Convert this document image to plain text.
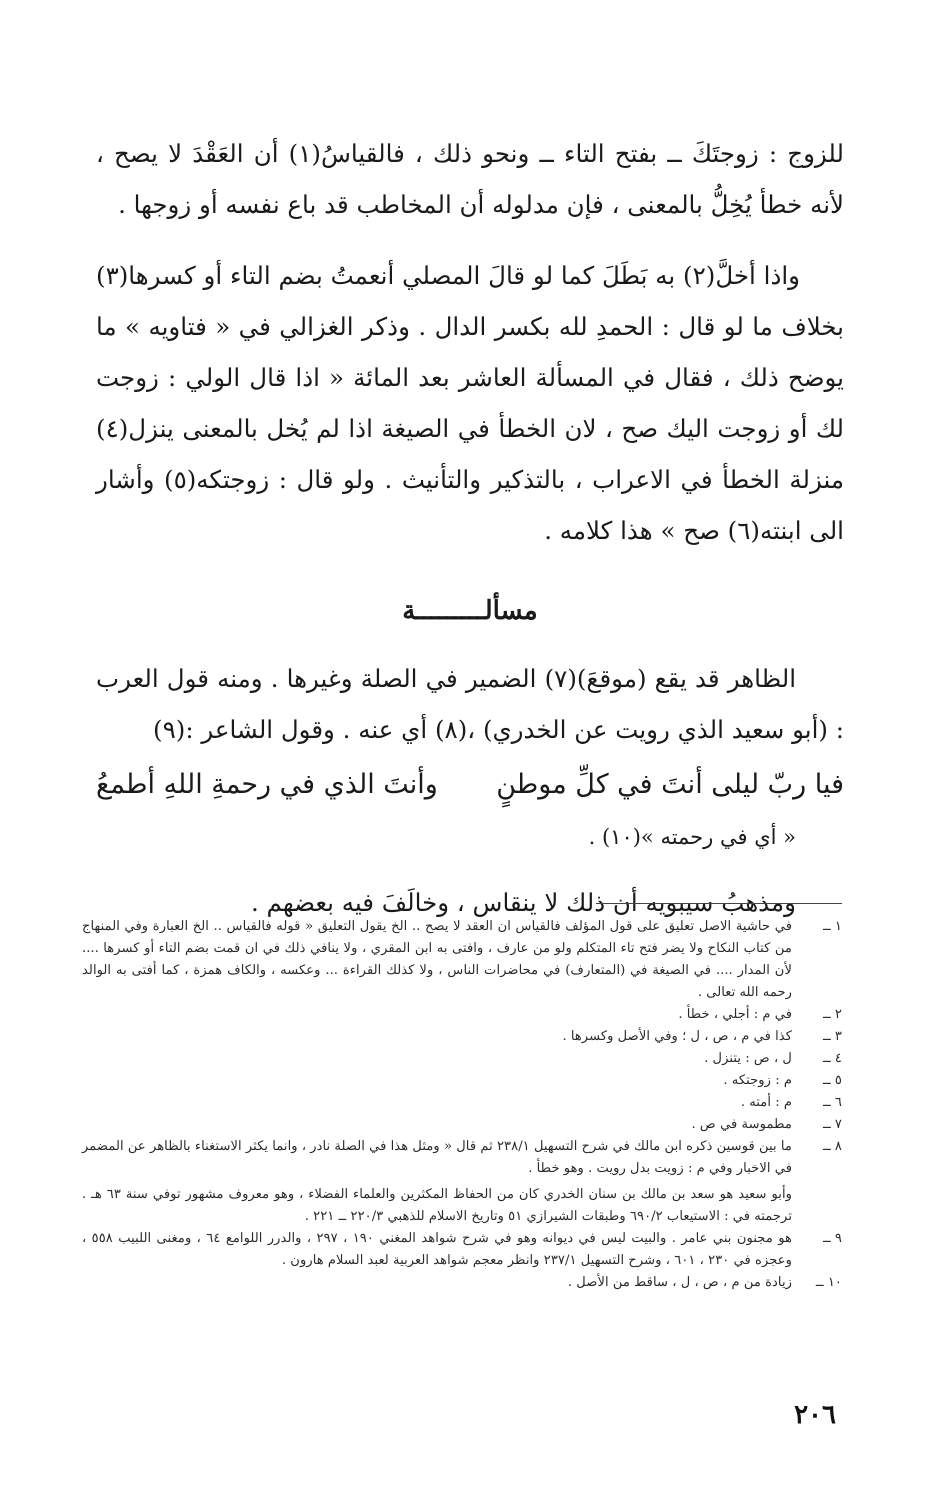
للزوج : زوجتَكَ ــ بفتح التاء ــ ونحو ذلك ، فالقياسُ(١) أن العَقْدَ لا يصح ، لأنه خطأ يُخِلُّ بالمعنى ، فإن مدلوله أن المخاطب قد باع نفسه أو زوجها .

واذا أخلَّ(٢) به بَطَلَ كما لو قالَ المصلي أنعمتُ بضم التاء أو كسرها(٣) بخلاف ما لو قال : الحمدِ لله بكسر الدال . وذكر الغزالي في « فتاويه » ما يوضح ذلك ، فقال في المسألة العاشر بعد المائة « اذا قال الولي : زوجت لك أو زوجت اليك صح ، لان الخطأ في الصيغة اذا لم يُخل بالمعنى ينزل(٤) منزلة الخطأ في الاعراب ، بالتذكير والتأنيث . ولو قال : زوجتكه(٥) وأشار الى ابنته(٦) صح » هذا كلامه .

مسألـــــــــة

الظاهر قد يقع (موقعَ)(٧) الضمير في الصلة وغيرها . ومنه قول العرب : (أبو سعيد الذي رويت عن الخدري) ،(٨) أي عنه . وقول الشاعر :(٩)

فيا ربّ ليلى أنتَ في كلِّ موطنٍ
وأنتَ الذي في رحمةِ اللهِ أطمعُ

« أي في رحمته »(١٠) .

ومذهبُ سيبويه أن ذلك لا ينقاس ، وخالَفَ فيه بعضهم .

١ ــ
في حاشية الاصل تعليق على قول المؤلف فالقياس ان العقد لا يصح .. الخ يقول التعليق « قوله فالقياس .. الخ العبارة وفي المنهاج من كتاب النكاح ولا يضر فتح تاء المتكلم ولو من عارف ، وافتى به ابن المقري ، ولا ينافي ذلك في ان قمت بضم التاء أو كسرها .... لأن المدار .... في الصيغة في (المتعارف) في محاضرات الناس ، ولا كذلك القراءة ... وعكسه ، والكاف همزة ، كما أفتى به الوالد رحمه الله تعالى .
٢ ــ
في م : أجلي ، خطأ .
٣ ــ
كذا في م ، ص ، ل ؛ وفي الأصل وكسرها .
٤ ــ
ل ، ص : يتنزل .
٥ ــ
م : زوجتكه .
٦ ــ
م : أمته .
٧ ــ
مطموسة في ص .
٨ ــ
ما بين قوسين ذكره ابن مالك في شرح التسهيل ٢٣٨/١ ثم قال « ومثل هذا في الصلة نادر ، وانما يكثر الاستغناء بالظاهر عن المضمر في الاخبار وفي م : زويت بدل رويت . وهو خطأ .
وأبو سعيد هو سعد بن مالك بن سنان الخدري كان من الحفاظ المكثرين والعلماء الفضلاء ، وهو معروف مشهور توفي سنة ٦٣ هـ . ترجمته في : الاستيعاب ٦٩٠/٢ وطبقات الشيرازي ٥١ وتاريخ الاسلام للذهبي ٢٢٠/٣ ــ ٢٢١ .
٩ ــ
هو مجنون بني عامر . والبيت ليس في ديوانه وهو في شرح شواهد المغني ١٩٠ ، ٢٩٧ ، والدرر اللوامع ٦٤ ، ومغنى اللبيب ٥٥٨ ، وعجزه في ٢٣٠ ، ٦٠١ ، وشرح التسهيل ٢٣٧/١ وانظر معجم شواهد العربية لعبد السلام هارون .
١٠ ــ
زيادة من م ، ص ، ل ، ساقط من الأصل .
٢٠٦
